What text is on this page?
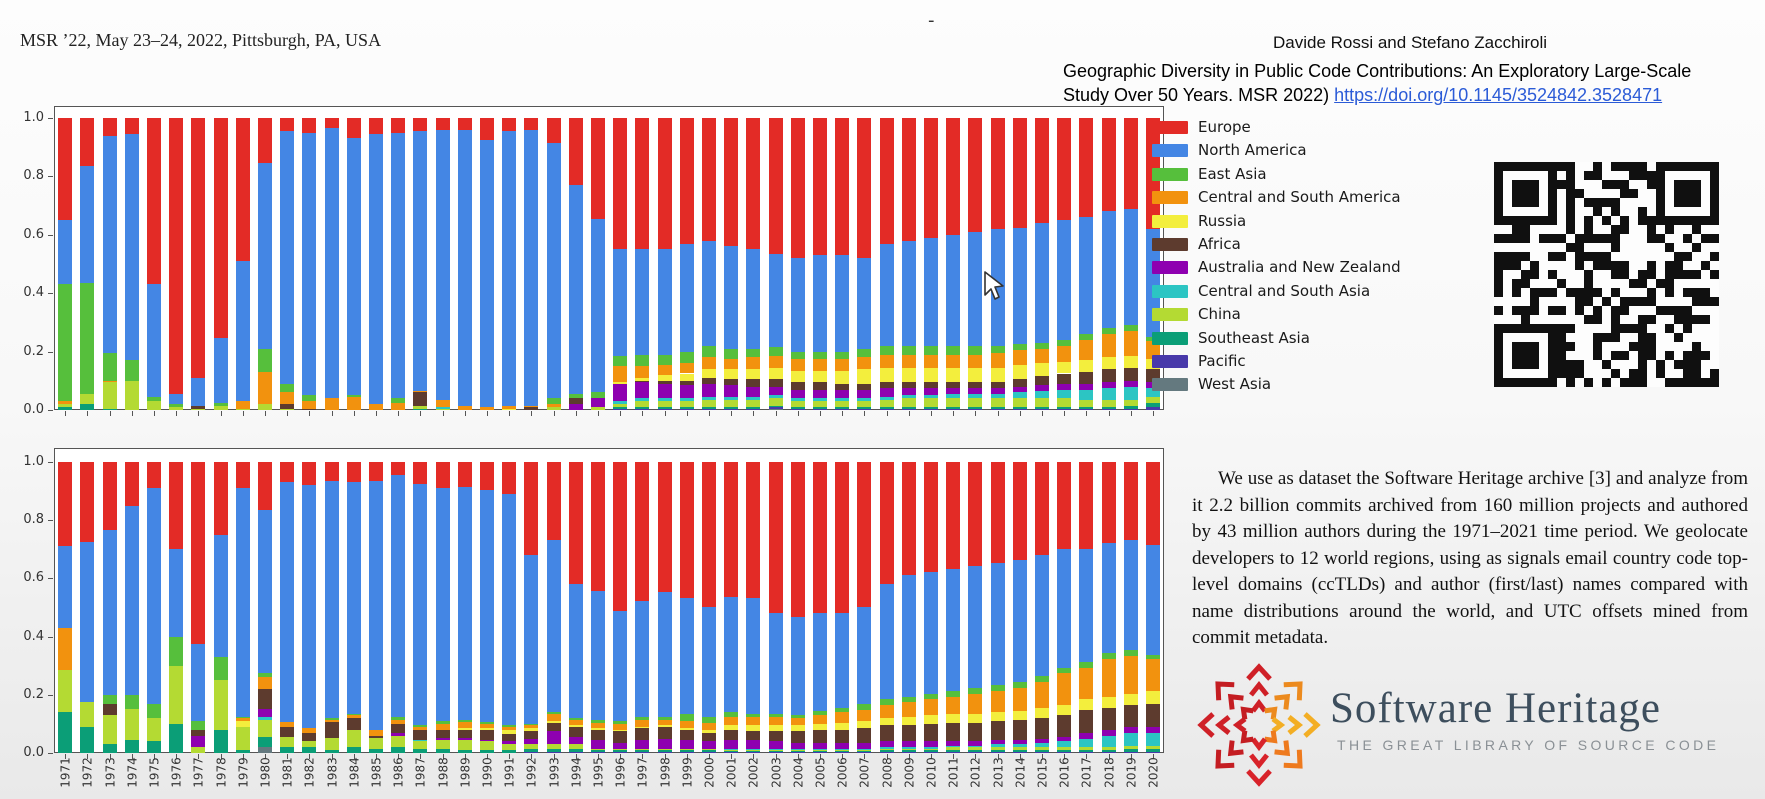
MSR ’22, May 23–24, 2022, Pittsburgh, PA, USA
-
Davide Rossi and Stefano Zacchiroli
Geographic Diversity in Public Code Contributions: An Exploratory Large-Scale
Study Over 50 Years. MSR 2022) https://doi.org/10.1145/3524842.3528471
0.0
0.2
0.4
0.6
0.8
1.0
0.0
0.2
0.4
0.6
0.8
1.0
1971 1972 1973 1974 1975 1976 1977 1978 1979 1980 1981 1982 1983 1984 1985 1986 1987 1988 1989 1990 1991 1992 1993 1994 1995 1996 1997 1998 1999 2000 2001 2002 2003 2004 2005 2006 2007 2008 2009 2010 2011 2012 2013 2014 2015 2016 2017 2018 2019 2020
Europe
North America
East Asia
Central and South America
Russia
Africa
Australia and New Zealand
Central and South Asia
China
Southeast Asia
Pacific
West Asia
We use as dataset the Software Heritage archive [3] and analyze from it 2.2 billion commits archived from 160 million projects and authored by 43 million authors during the 1971–2021 time period. We geolocate developers to 12 world regions, using as signals email country code top-level domains (ccTLDs) and author (first/last) names compared with name distributions around the world, and UTC offsets mined from commit metadata.
Software Heritage
THE GREAT LIBRARY OF SOURCE CODE
